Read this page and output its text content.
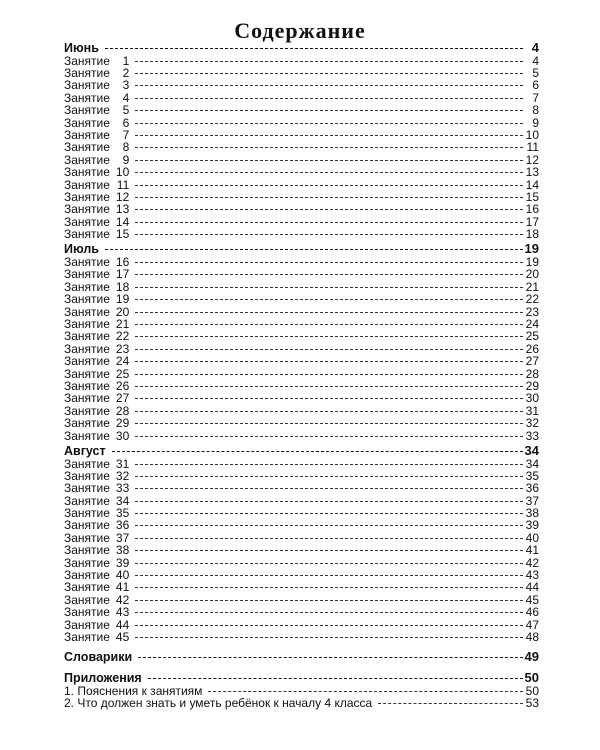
Содержание
Июнь	4
Занятие 1	4
Занятие 2	5
Занятие 3	6
Занятие 4	7
Занятие 5	8
Занятие 6	9
Занятие 7	10
Занятие 8	11
Занятие 9	12
Занятие 10	13
Занятие 11	14
Занятие 12	15
Занятие 13	16
Занятие 14	17
Занятие 15	18
Июль	19
Занятие 16	19
Занятие 17	20
Занятие 18	21
Занятие 19	22
Занятие 20	23
Занятие 21	24
Занятие 22	25
Занятие 23	26
Занятие 24	27
Занятие 25	28
Занятие 26	29
Занятие 27	30
Занятие 28	31
Занятие 29	32
Занятие 30	33
Август	34
Занятие 31	34
Занятие 32	35
Занятие 33	36
Занятие 34	37
Занятие 35	38
Занятие 36	39
Занятие 37	40
Занятие 38	41
Занятие 39	42
Занятие 40	43
Занятие 41	44
Занятие 42	45
Занятие 43	46
Занятие 44	47
Занятие 45	48
Словарики	49
Приложения	50
1. Пояснения к занятиям	50
2. Что должен знать и уметь ребёнок к началу 4 класса	53
